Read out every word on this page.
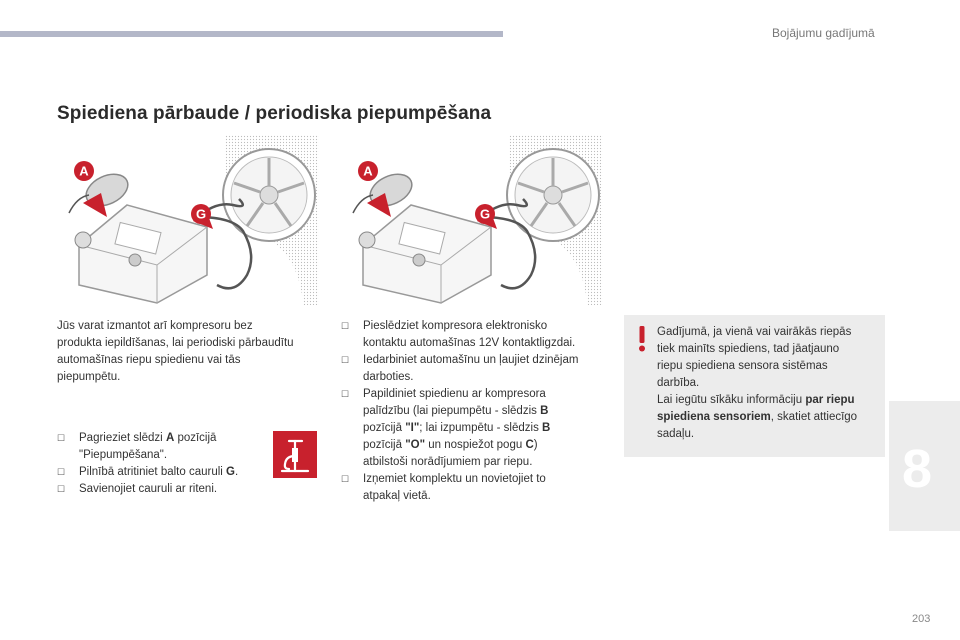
Bojājumu gadījumā
Spiediena pārbaude / periodiska piepumpēšana
A
G
A
G
Jūs varat izmantot arī kompresoru bez
produkta iepildīšanas, lai periodiski pārbaudītu
automašīnas riepu spiedienu vai tās
piepumpētu.
☐ Pagrieziet slēdzi A pozīcijā
"Piepumpēšana".
☐ Pilnībā atritiniet balto cauruli G.
☐ Savienojiet cauruli ar riteni.
☐ Pieslēdziet kompresora elektronisko
kontaktu automašīnas 12V kontaktligzdai.
☐ Iedarbiniet automašīnu un ļaujiet dzinējam
darboties.
☐ Papildiniet spiedienu ar kompresora
palīdzību (lai piepumpētu - slēdzis B
pozīcijā "I"; lai izpumpētu - slēdzis B
pozīcijā "O" un nospiežot pogu C)
atbilstoši norādījumiem par riepu.
☐ Izņemiet komplektu un novietojiet to
atpakaļ vietā.
Gadījumā, ja vienā vai vairākās riepās
tiek mainīts spiediens, tad jāatjauno
riepu spiediena sensora sistēmas
darbība.
Lai iegūtu sīkāku informāciju par riepu
spiediena sensoriem, skatiet attiecīgo
sadaļu.
8
203
